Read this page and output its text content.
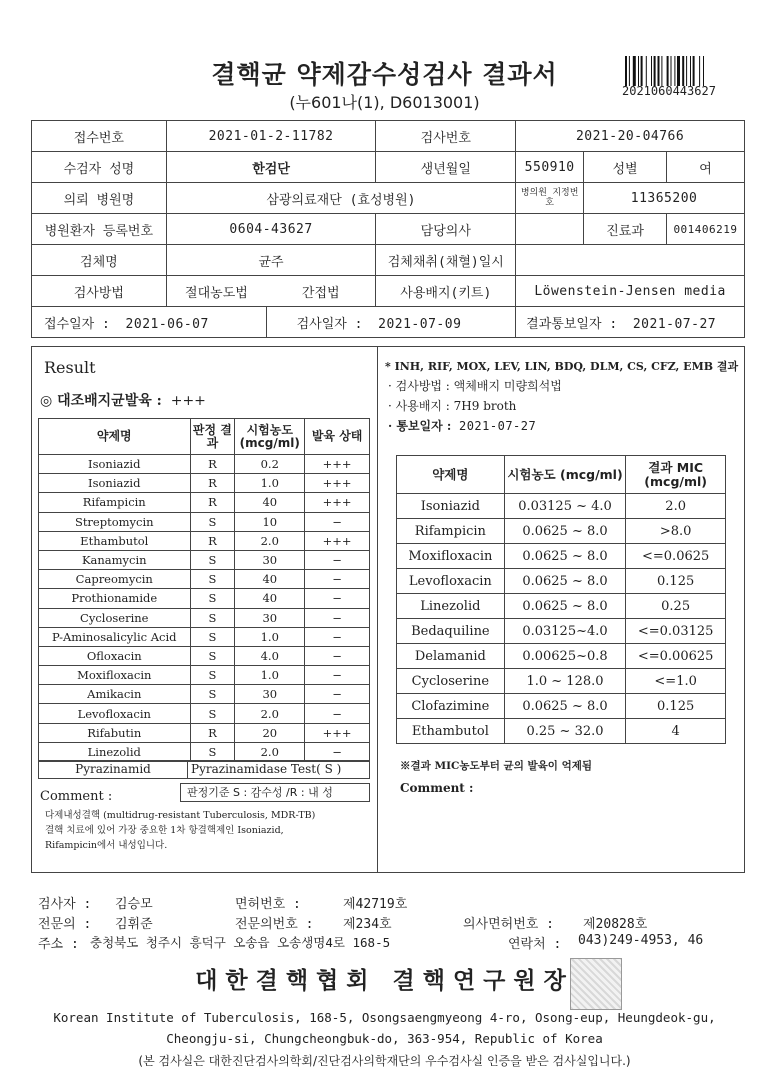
결핵균 약제감수성검사 결과서
(누601나(1), D6013001)
2021060443627
접수번호	2021-01-2-11782		검사번호	2021-20-04766		
수검자 성명	한검단		생년월일	550910	성별	여
의뢰 병원명	삼광의료재단 (효성병원)			병의원 지정번호	11365200	
병원환자 등록번호	0604-43627		담당의사		진료과	001406219
검체명	균주		검체채취(채혈)일시			
검사방법	절대농도법	간접법	사용배지(키트)	Löwenstein-Jensen media		
접수일자 : 2021-06-07		검사일자 : 2021-07-09		결과통보일자 : 2021-07-27		
Result
◎ 대조배지균발육 : +++
약제명	판정 결과	시험농도 (mcg/ml)	발육 상태
Isoniazid	R	0.2	+++
Isoniazid	R	1.0	+++
Rifampicin	R	40	+++
Streptomycin	S	10	−
Ethambutol	R	2.0	+++
Kanamycin	S	30	−
Capreomycin	S	40	−
Prothionamide	S	40	−
Cycloserine	S	30	−
P-Aminosalicylic Acid	S	1.0	−
Ofloxacin	S	4.0	−
Moxifloxacin	S	1.0	−
Amikacin	S	30	−
Levofloxacin	S	2.0	−
Rifabutin	R	20	+++
Linezolid	S	2.0	−
Pyrazinamid	Pyrazinamidase Test( S )
판정기준 S : 감수성 /R : 내 성
Comment :
다제내성결핵 (multidrug-resistant Tuberculosis, MDR-TB)
결핵 치료에 있어 가장 중요한 1차 항결핵제인 Isoniazid,
Rifampicin에서 내성입니다.
* INH, RIF, MOX, LEV, LIN, BDQ, DLM, CS, CFZ, EMB 결과
· 검사방법 : 액체배지 미량희석법
· 사용배지 : 7H9 broth
· 통보일자 : 2021-07-27
약제명	시험농도 (mcg/ml)	결과 MIC (mcg/ml)
Isoniazid	0.03125 ~ 4.0	2.0
Rifampicin	0.0625 ~ 8.0	>8.0
Moxifloxacin	0.0625 ~ 8.0	<=0.0625
Levofloxacin	0.0625 ~ 8.0	0.125
Linezolid	0.0625 ~ 8.0	0.25
Bedaquiline	0.03125~4.0	<=0.03125
Delamanid	0.00625~0.8	<=0.00625
Cycloserine	1.0 ~ 128.0	<=1.0
Clofazimine	0.0625 ~ 8.0	0.125
Ethambutol	0.25 ~ 32.0	4
※결과 MIC농도부터 균의 발육이 억제됨
Comment :
검사자 : 김승모	면허번호 :	제42719호
전문의 : 김휘준	전문의번호 : 제234호	의사면허번호 : 제20828호
주소 : 충청북도 청주시 흥덕구 오송읍 오송생명4로 168-5	연락처 : 043)249-4953, 46
대한결핵협회 결핵연구원장
Korean Institute of Tuberculosis, 168-5, Osongsaengmyeong 4-ro, Osong-eup, Heungdeok-gu,
Cheongju-si, Chungcheongbuk-do, 363-954, Republic of Korea
(본 검사실은 대한진단검사의학회/진단검사의학재단의 우수검사실 인증을 받은 검사실입니다.)
